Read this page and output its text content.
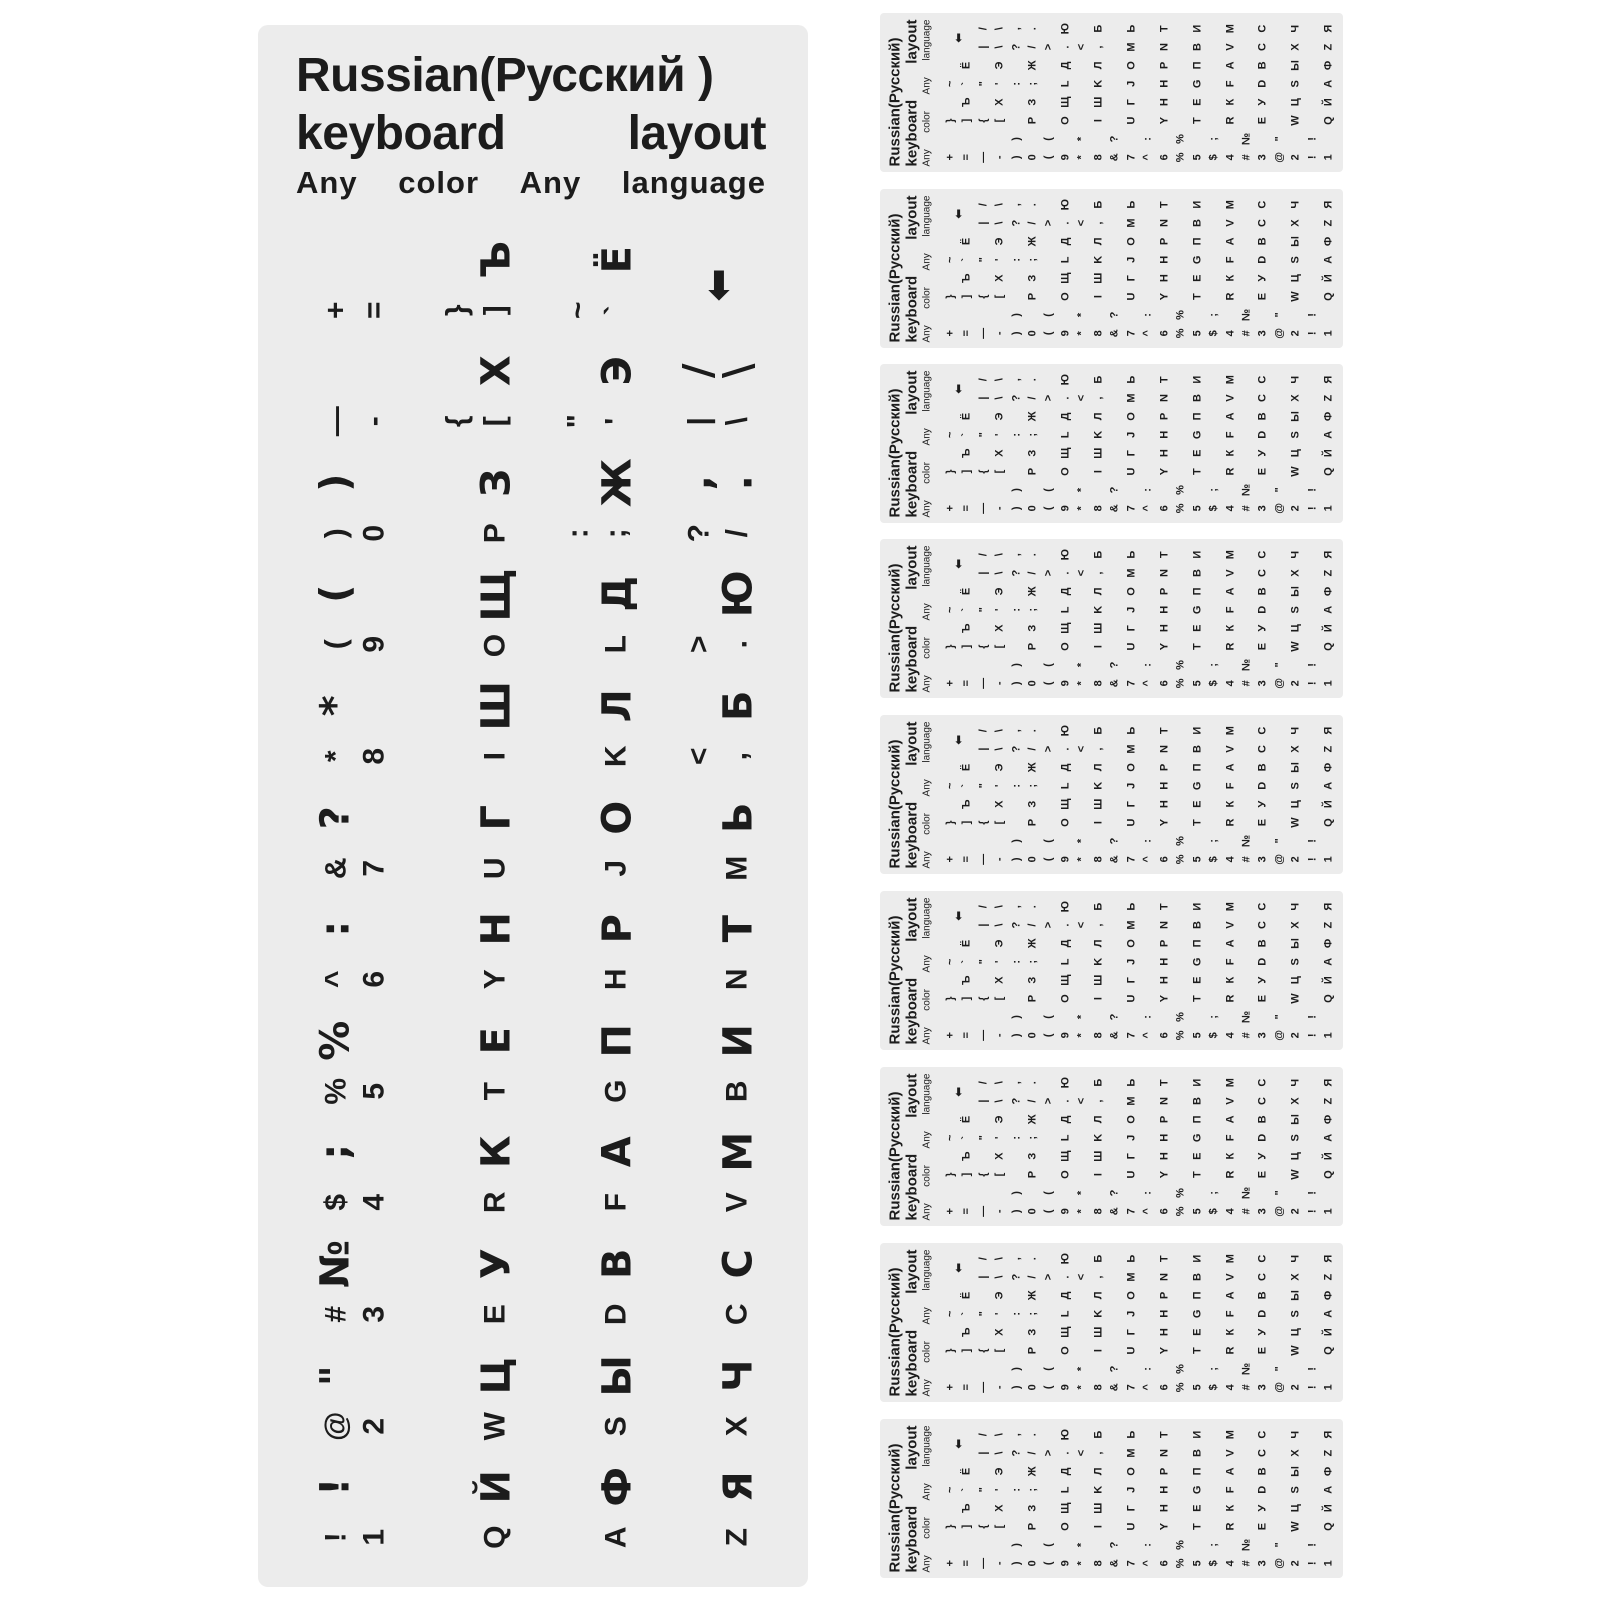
Russian(Русский )
keyboard	layout
Any color Any language
!
!
1
@
"
2
#
№
3
$
;
4
%
%
5
^
:
6
&
?
7
*
*
8
(
(
9
)
)
0
— -
+ =
Q
Й
W
Ц
E
У
R
К
T
Е
Y
Н
U
Г
I
Ш
O
Щ
P
З
{ [
Х
} ]
Ъ
A
Ф
S
Ы
D
В
F
А
G
П
H
Р
J
О
K
Л
L
Д
: ;
Ж
" '
Э
~ `
Ё
Z
Я
X
Ч
C
С
V
М
B
И
N
Т
M
Ь
< ,
Б
> .
Ю
?
,
/
.
|
/
\
\
⬅
Russian(Русский) keyboard
layout
Any
color
Any
language
!
!
1
@
"
2
#
№
3
$
;
4
%
%
5
^
:
6
&
?
7
*
*
8
(
(
9
)
)
0
— -
+ =
Q
Й
W
Ц
E
У
R
К
T
Е
Y
Н
U
Г
I
Ш
O
Щ
P
З
{ [
Х
} ]
Ъ
A
Ф
S
Ы
D
В
F
А
G
П
H
Р
J
О
K
Л
L
Д
: ;
Ж
" '
Э
~ `
Ё
Z
Я
X
Ч
C
С
V
М
B
И
N
Т
M
Ь
< ,
Б
> .
Ю
?
,
/
.
|
/
\
\
⬅
Russian(Русский) keyboard
layout
Any
color
Any
language
!
!
1
@
"
2
#
№
3
$
;
4
%
%
5
^
:
6
&
?
7
*
*
8
(
(
9
)
)
0
— -
+ =
Q
Й
W
Ц
E
У
R
К
T
Е
Y
Н
U
Г
I
Ш
O
Щ
P
З
{ [
Х
} ]
Ъ
A
Ф
S
Ы
D
В
F
А
G
П
H
Р
J
О
K
Л
L
Д
: ;
Ж
" '
Э
~ `
Ё
Z
Я
X
Ч
C
С
V
М
B
И
N
Т
M
Ь
< ,
Б
> .
Ю
?
,
/
.
|
/
\
\
⬅
Russian(Русский) keyboard
layout
Any
color
Any
language
!
!
1
@
"
2
#
№
3
$
;
4
%
%
5
^
:
6
&
?
7
*
*
8
(
(
9
)
)
0
— -
+ =
Q
Й
W
Ц
E
У
R
К
T
Е
Y
Н
U
Г
I
Ш
O
Щ
P
З
{ [
Х
} ]
Ъ
A
Ф
S
Ы
D
В
F
А
G
П
H
Р
J
О
K
Л
L
Д
: ;
Ж
" '
Э
~ `
Ё
Z
Я
X
Ч
C
С
V
М
B
И
N
Т
M
Ь
< ,
Б
> .
Ю
?
,
/
.
|
/
\
\
⬅
Russian(Русский) keyboard
layout
Any
color
Any
language
!
!
1
@
"
2
#
№
3
$
;
4
%
%
5
^
:
6
&
?
7
*
*
8
(
(
9
)
)
0
— -
+ =
Q
Й
W
Ц
E
У
R
К
T
Е
Y
Н
U
Г
I
Ш
O
Щ
P
З
{ [
Х
} ]
Ъ
A
Ф
S
Ы
D
В
F
А
G
П
H
Р
J
О
K
Л
L
Д
: ;
Ж
" '
Э
~ `
Ё
Z
Я
X
Ч
C
С
V
М
B
И
N
Т
M
Ь
< ,
Б
> .
Ю
?
,
/
.
|
/
\
\
⬅
Russian(Русский) keyboard
layout
Any
color
Any
language
!
!
1
@
"
2
#
№
3
$
;
4
%
%
5
^
:
6
&
?
7
*
*
8
(
(
9
)
)
0
— -
+ =
Q
Й
W
Ц
E
У
R
К
T
Е
Y
Н
U
Г
I
Ш
O
Щ
P
З
{ [
Х
} ]
Ъ
A
Ф
S
Ы
D
В
F
А
G
П
H
Р
J
О
K
Л
L
Д
: ;
Ж
" '
Э
~ `
Ё
Z
Я
X
Ч
C
С
V
М
B
И
N
Т
M
Ь
< ,
Б
> .
Ю
?
,
/
.
|
/
\
\
⬅
Russian(Русский) keyboard
layout
Any
color
Any
language
!
!
1
@
"
2
#
№
3
$
;
4
%
%
5
^
:
6
&
?
7
*
*
8
(
(
9
)
)
0
— -
+ =
Q
Й
W
Ц
E
У
R
К
T
Е
Y
Н
U
Г
I
Ш
O
Щ
P
З
{ [
Х
} ]
Ъ
A
Ф
S
Ы
D
В
F
А
G
П
H
Р
J
О
K
Л
L
Д
: ;
Ж
" '
Э
~ `
Ё
Z
Я
X
Ч
C
С
V
М
B
И
N
Т
M
Ь
< ,
Б
> .
Ю
?
,
/
.
|
/
\
\
⬅
Russian(Русский) keyboard
layout
Any
color
Any
language
!
!
1
@
"
2
#
№
3
$
;
4
%
%
5
^
:
6
&
?
7
*
*
8
(
(
9
)
)
0
— -
+ =
Q
Й
W
Ц
E
У
R
К
T
Е
Y
Н
U
Г
I
Ш
O
Щ
P
З
{ [
Х
} ]
Ъ
A
Ф
S
Ы
D
В
F
А
G
П
H
Р
J
О
K
Л
L
Д
: ;
Ж
" '
Э
~ `
Ё
Z
Я
X
Ч
C
С
V
М
B
И
N
Т
M
Ь
< ,
Б
> .
Ю
?
,
/
.
|
/
\
\
⬅
Russian(Русский) keyboard
layout
Any
color
Any
language
!
!
1
@
"
2
#
№
3
$
;
4
%
%
5
^
:
6
&
?
7
*
*
8
(
(
9
)
)
0
— -
+ =
Q
Й
W
Ц
E
У
R
К
T
Е
Y
Н
U
Г
I
Ш
O
Щ
P
З
{ [
Х
} ]
Ъ
A
Ф
S
Ы
D
В
F
А
G
П
H
Р
J
О
K
Л
L
Д
: ;
Ж
" '
Э
~ `
Ё
Z
Я
X
Ч
C
С
V
М
B
И
N
Т
M
Ь
< ,
Б
> .
Ю
?
,
/
.
|
/
\
\
⬅
Russian(Русский) keyboard
layout
Any
color
Any
language
!
!
1
@
"
2
#
№
3
$
;
4
%
%
5
^
:
6
&
?
7
*
*
8
(
(
9
)
)
0
— -
+ =
Q
Й
W
Ц
E
У
R
К
T
Е
Y
Н
U
Г
I
Ш
O
Щ
P
З
{ [
Х
} ]
Ъ
A
Ф
S
Ы
D
В
F
А
G
П
H
Р
J
О
K
Л
L
Д
: ;
Ж
" '
Э
~ `
Ё
Z
Я
X
Ч
C
С
V
М
B
И
N
Т
M
Ь
< ,
Б
> .
Ю
?
,
/
.
|
/
\
\
⬅
